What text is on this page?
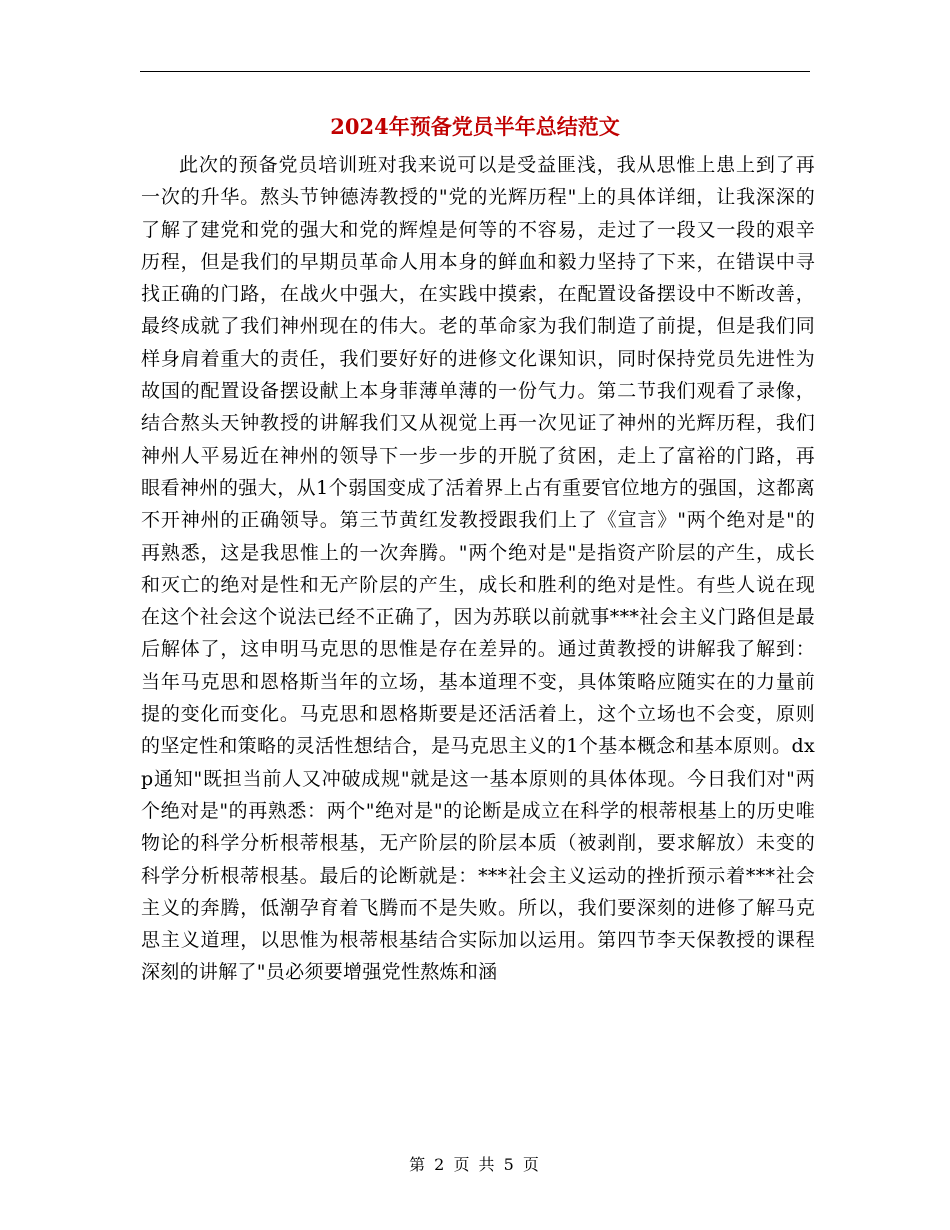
2024年预备党员半年总结范文

此次的预备党员培训班对我来说可以是受益匪浅，我从思惟上患上到了再一次的升华。熬头节钟德涛教授的"党的光辉历程"上的具体详细，让我深深的了解了建党和党的强大和党的辉煌是何等的不容易，走过了一段又一段的艰辛历程，但是我们的早期员革命人用本身的鲜血和毅力坚持了下来，在错误中寻找正确的门路，在战火中强大，在实践中摸索，在配置设备摆设中不断改善，最终成就了我们神州现在的伟大。老的革命家为我们制造了前提，但是我们同样身肩着重大的责任，我们要好好的进修文化课知识，同时保持党员先进性为故国的配置设备摆设献上本身菲薄单薄的一份气力。第二节我们观看了录像，结合熬头天钟教授的讲解我们又从视觉上再一次见证了神州的光辉历程，我们神州人平易近在神州的领导下一步一步的开脱了贫困，走上了富裕的门路，再眼看神州的强大，从1个弱国变成了活着界上占有重要官位地方的强国，这都离不开神州的正确领导。第三节黄红发教授跟我们上了《宣言》"两个绝对是"的再熟悉，这是我思惟上的一次奔腾。"两个绝对是"是指资产阶层的产生，成长和灭亡的绝对是性和无产阶层的产生，成长和胜利的绝对是性。有些人说在现在这个社会这个说法已经不正确了，因为苏联以前就事***社会主义门路但是最后解体了，这申明马克思的思惟是存在差异的。通过黄教授的讲解我了解到：当年马克思和恩格斯当年的立场，基本道理不变，具体策略应随实在的力量前提的变化而变化。马克思和恩格斯要是还活活着上，这个立场也不会变，原则的坚定性和策略的灵活性想结合，是马克思主义的1个基本概念和基本原则。dxp通知"既担当前人又冲破成规"就是这一基本原则的具体体现。今日我们对"两个绝对是"的再熟悉：两个"绝对是"的论断是成立在科学的根蒂根基上的历史唯物论的科学分析根蒂根基，无产阶层的阶层本质（被剥削，要求解放）未变的科学分析根蒂根基。最后的论断就是：***社会主义运动的挫折预示着***社会主义的奔腾，低潮孕育着飞腾而不是失败。所以，我们要深刻的进修了解马克思主义道理，以思惟为根蒂根基结合实际加以运用。第四节李天保教授的课程深刻的讲解了"员必须要增强党性熬炼和涵

第 2 页 共 5 页
